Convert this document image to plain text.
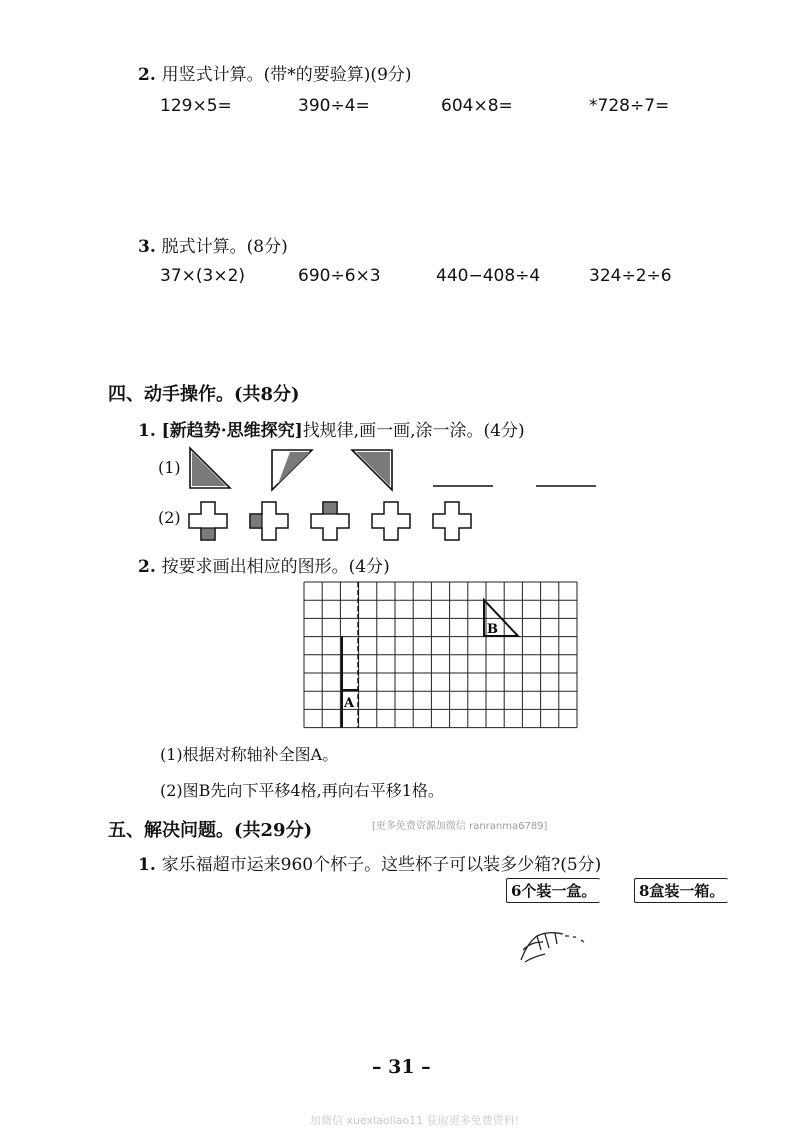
2. 用竖式计算。(带*的要验算)(9分)
129×5=	390÷4=	604×8=	*728÷7=
3. 脱式计算。(8分)
37×(3×2)	690÷6×3	440−408÷4	324÷2÷6
四、动手操作。(共8分)
1. [新趋势·思维探究]找规律,画一画,涂一涂。(4分)
(1)
(2)
2. 按要求画出相应的图形。(4分)
A
B
(1)根据对称轴补全图A。
(2)图B先向下平移4格,再向右平移1格。
五、解决问题。(共29分)	[更多免费资源加微信 ranranma6789]
1. 家乐福超市运来960个杯子。这些杯子可以装多少箱?(5分)
6个装一盒。	8盒装一箱。
– 31 –
加微信 xuexiaoliao11 获取更多免费资料!
